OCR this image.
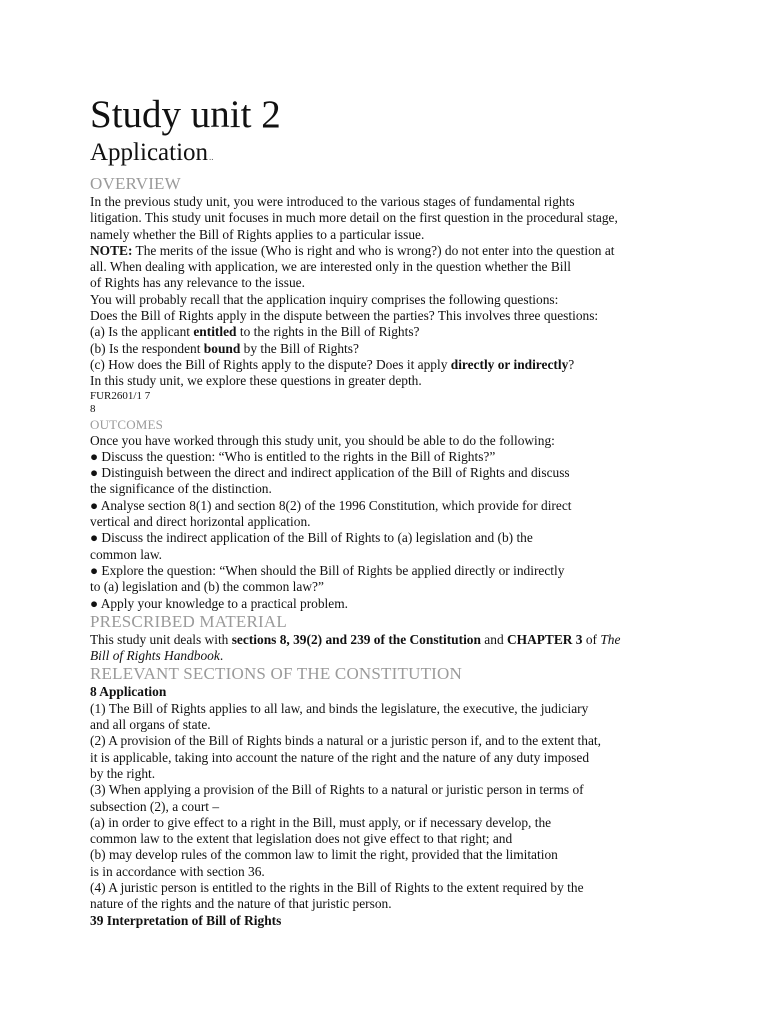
Study unit 2
Application..
OVERVIEW

In the previous study unit, you were introduced to the various stages of fundamental rights

litigation. This study unit focuses in much more detail on the first question in the procedural stage,

namely whether the Bill of Rights applies to a particular issue.

NOTE: The merits of the issue (Who is right and who is wrong?) do not enter into the question at

all. When dealing with application, we are interested only in the question whether the Bill

of Rights has any relevance to the issue.

You will probably recall that the application inquiry comprises the following questions:

Does the Bill of Rights apply in the dispute between the parties? This involves three questions:

(a) Is the applicant entitled to the rights in the Bill of Rights?

(b) Is the respondent bound by the Bill of Rights?

(c) How does the Bill of Rights apply to the dispute? Does it apply directly or indirectly?

In this study unit, we explore these questions in greater depth.

FUR2601/1 7

8

OUTCOMES

Once you have worked through this study unit, you should be able to do the following:

● Discuss the question: “Who is entitled to the rights in the Bill of Rights?”

● Distinguish between the direct and indirect application of the Bill of Rights and discuss

the significance of the distinction.

● Analyse section 8(1) and section 8(2) of the 1996 Constitution, which provide for direct

vertical and direct horizontal application.

● Discuss the indirect application of the Bill of Rights to (a) legislation and (b) the

common law.

● Explore the question: “When should the Bill of Rights be applied directly or indirectly

to (a) legislation and (b) the common law?”

● Apply your knowledge to a practical problem.

PRESCRIBED MATERIAL

This study unit deals with sections 8, 39(2) and 239 of the Constitution and CHAPTER 3 of The

Bill of Rights Handbook.

RELEVANT SECTIONS OF THE CONSTITUTION

8 Application

(1) The Bill of Rights applies to all law, and binds the legislature, the executive, the judiciary

and all organs of state.

(2) A provision of the Bill of Rights binds a natural or a juristic person if, and to the extent that,

it is applicable, taking into account the nature of the right and the nature of any duty imposed

by the right.

(3) When applying a provision of the Bill of Rights to a natural or juristic person in terms of

subsection (2), a court –

(a) in order to give effect to a right in the Bill, must apply, or if necessary develop, the

common law to the extent that legislation does not give effect to that right; and

(b) may develop rules of the common law to limit the right, provided that the limitation

is in accordance with section 36.

(4) A juristic person is entitled to the rights in the Bill of Rights to the extent required by the

nature of the rights and the nature of that juristic person.

39 Interpretation of Bill of Rights
